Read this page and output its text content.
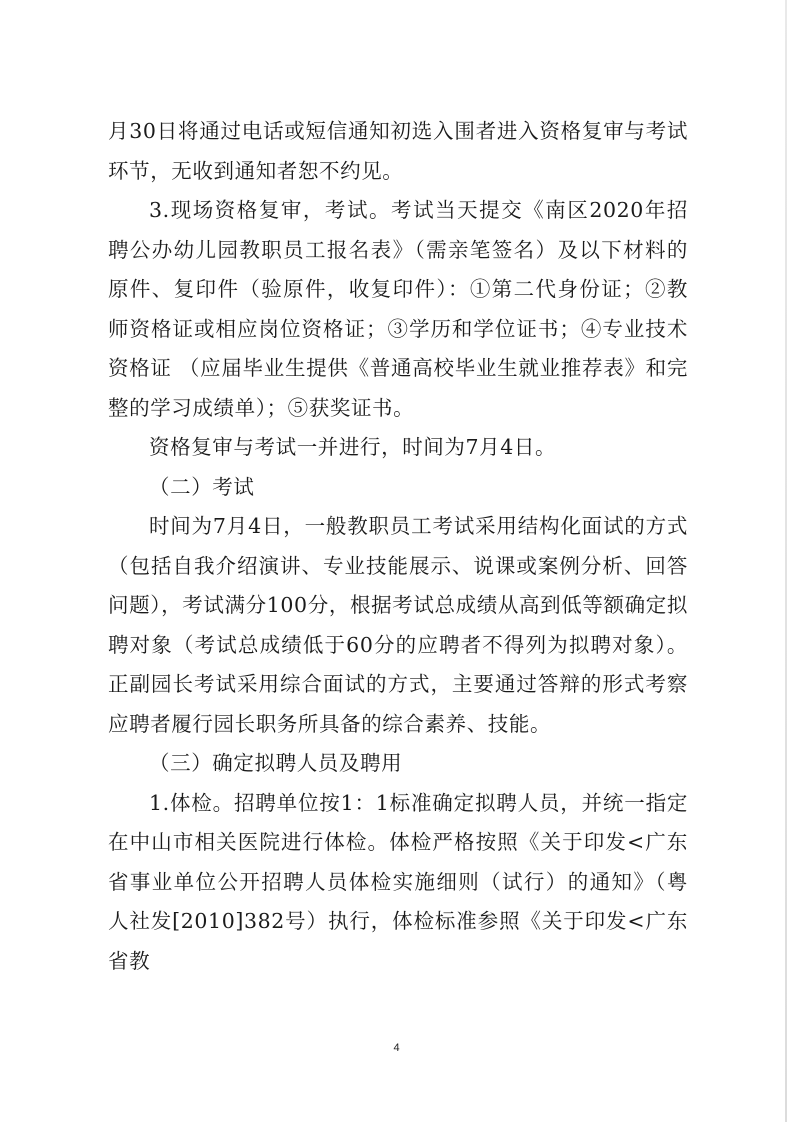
月30日将通过电话或短信通知初选入围者进入资格复审与考试环节，无收到通知者恕不约见。

3.现场资格复审，考试。考试当天提交《南区2020年招聘公办幼儿园教职员工报名表》（需亲笔签名）及以下材料的原件、复印件（验原件，收复印件）：①第二代身份证；②教师资格证或相应岗位资格证；③学历和学位证书；④专业技术资格证 （应届毕业生提供《普通高校毕业生就业推荐表》和完整的学习成绩单）；⑤获奖证书。

资格复审与考试一并进行，时间为7月4日。

（二）考试

时间为7月4日，一般教职员工考试采用结构化面试的方式（包括自我介绍演讲、专业技能展示、说课或案例分析、回答问题），考试满分100分，根据考试总成绩从高到低等额确定拟聘对象（考试总成绩低于60分的应聘者不得列为拟聘对象）。正副园长考试采用综合面试的方式，主要通过答辩的形式考察应聘者履行园长职务所具备的综合素养、技能。

（三）确定拟聘人员及聘用

1.体检。招聘单位按1：1标准确定拟聘人员，并统一指定在中山市相关医院进行体检。体检严格按照《关于印发<广东省事业单位公开招聘人员体检实施细则（试行）的通知》（粤人社发[2010]382号）执行，体检标准参照《关于印发<广东省教

4
